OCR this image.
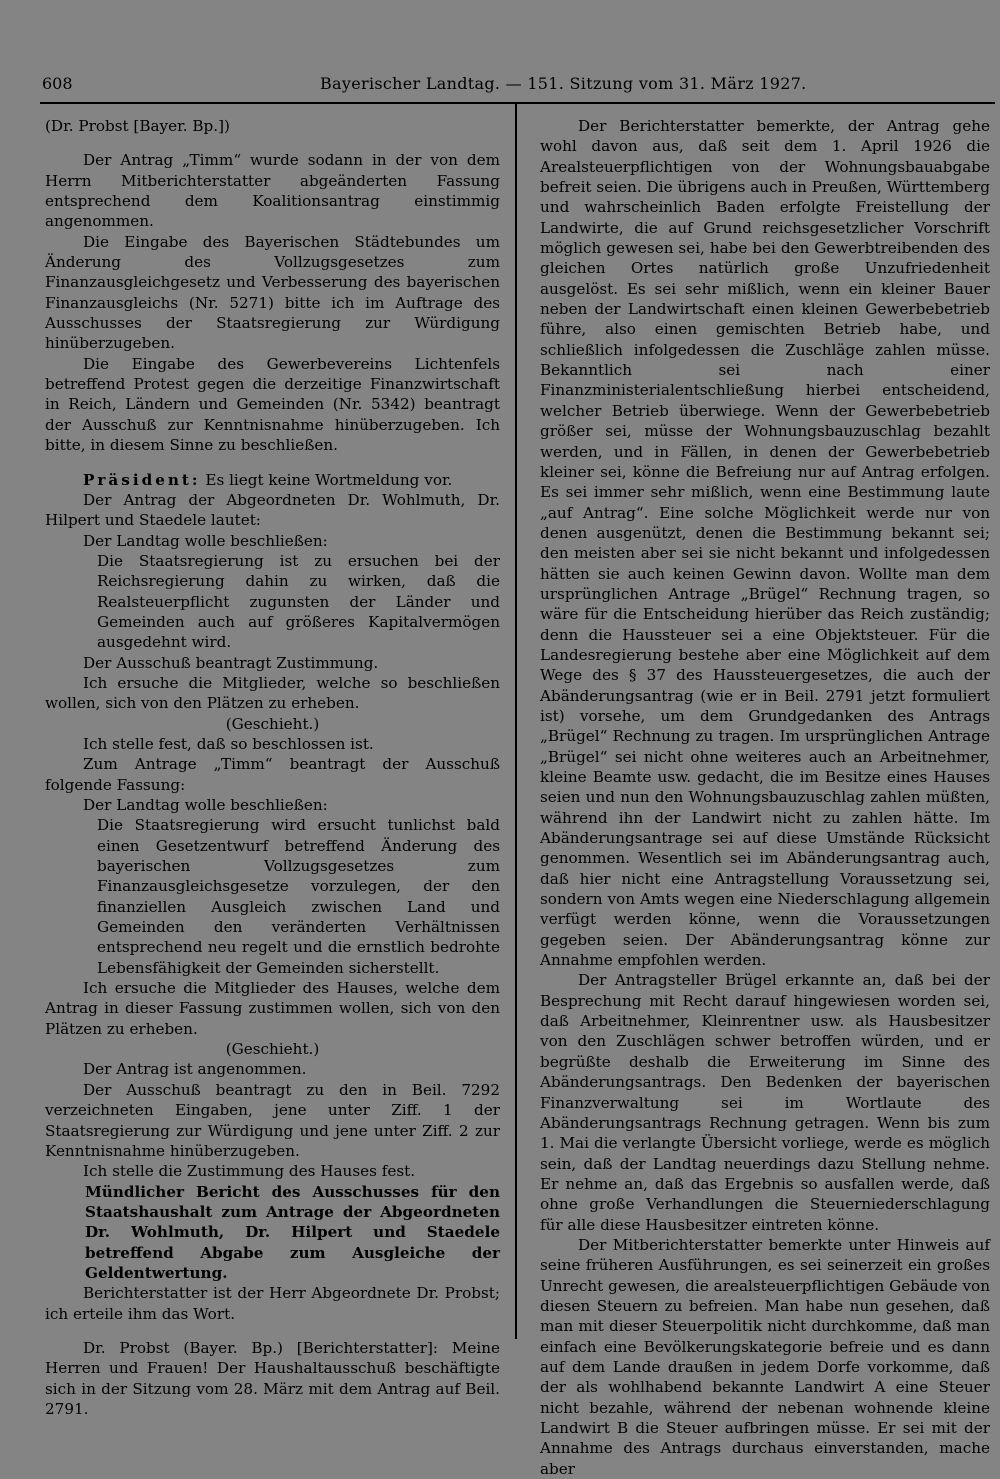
608	Bayerischer Landtag. — 151. Sitzung vom 31. März 1927.

(Dr. Probst [Bayer. Bp.])

Der Antrag „Timm“ wurde sodann in der von dem Herrn Mitberichterstatter abgeänderten Fassung entsprechend dem Koalitionsantrag einstimmig angenommen.

Die Eingabe des Bayerischen Städtebundes um Änderung des Vollzugsgesetzes zum Finanzausgleichgesetz und Verbesserung des bayerischen Finanzausgleichs (Nr. 5271) bitte ich im Auftrage des Ausschusses der Staatsregierung zur Würdigung hinüberzugeben.

Die Eingabe des Gewerbevereins Lichtenfels betreffend Protest gegen die derzeitige Finanzwirtschaft in Reich, Ländern und Gemeinden (Nr. 5342) beantragt der Ausschuß zur Kenntnisnahme hinüberzugeben. Ich bitte, in diesem Sinne zu beschließen.

Präsident: Es liegt keine Wortmeldung vor.

Der Antrag der Abgeordneten Dr. Wohlmuth, Dr. Hilpert und Staedele lautet:

Der Landtag wolle beschließen:

Die Staatsregierung ist zu ersuchen bei der Reichsregierung dahin zu wirken, daß die Realsteuerpflicht zugunsten der Länder und Gemeinden auch auf größeres Kapitalvermögen ausgedehnt wird.

Der Ausschuß beantragt Zustimmung.

Ich ersuche die Mitglieder, welche so beschließen wollen, sich von den Plätzen zu erheben.

(Geschieht.)

Ich stelle fest, daß so beschlossen ist.

Zum Antrage „Timm“ beantragt der Ausschuß folgende Fassung:

Der Landtag wolle beschließen:

Die Staatsregierung wird ersucht tunlichst bald einen Gesetzentwurf betreffend Änderung des bayerischen Vollzugsgesetzes zum Finanzausgleichsgesetze vorzulegen, der den finanziellen Ausgleich zwischen Land und Gemeinden den veränderten Verhältnissen entsprechend neu regelt und die ernstlich bedrohte Lebensfähigkeit der Gemeinden sicherstellt.

Ich ersuche die Mitglieder des Hauses, welche dem Antrag in dieser Fassung zustimmen wollen, sich von den Plätzen zu erheben.

(Geschieht.)

Der Antrag ist angenommen.

Der Ausschuß beantragt zu den in Beil. 7292 verzeichneten Eingaben, jene unter Ziff. 1 der Staatsregierung zur Würdigung und jene unter Ziff. 2 zur Kenntnisnahme hinüberzugeben.

Ich stelle die Zustimmung des Hauses fest.

Mündlicher Bericht des Ausschusses für den Staatshaushalt zum Antrage der Abgeordneten Dr. Wohlmuth, Dr. Hilpert und Staedele betreffend Abgabe zum Ausgleiche der Geldentwertung.

Berichterstatter ist der Herr Abgeordnete Dr. Probst; ich erteile ihm das Wort.

Dr. Probst (Bayer. Bp.) [Berichterstatter]: Meine Herren und Frauen! Der Haushaltausschuß beschäftigte sich in der Sitzung vom 28. März mit dem Antrag auf Beil. 2791.

Der Berichterstatter bemerkte, der Antrag gehe wohl davon aus, daß seit dem 1. April 1926 die Arealsteuerpflichtigen von der Wohnungsbauabgabe befreit seien. Die übrigens auch in Preußen, Württemberg und wahrscheinlich Baden erfolgte Freistellung der Landwirte, die auf Grund reichsgesetzlicher Vorschrift möglich gewesen sei, habe bei den Gewerbtreibenden des gleichen Ortes natürlich große Unzufriedenheit ausgelöst. Es sei sehr mißlich, wenn ein kleiner Bauer neben der Landwirtschaft einen kleinen Gewerbebetrieb führe, also einen gemischten Betrieb habe, und schließlich infolgedessen die Zuschläge zahlen müsse. Bekanntlich sei nach einer Finanzministerialentschließung hierbei entscheidend, welcher Betrieb überwiege. Wenn der Gewerbebetrieb größer sei, müsse der Wohnungsbauzuschlag bezahlt werden, und in Fällen, in denen der Gewerbebetrieb kleiner sei, könne die Befreiung nur auf Antrag erfolgen. Es sei immer sehr mißlich, wenn eine Bestimmung laute „auf Antrag“. Eine solche Möglichkeit werde nur von denen ausgenützt, denen die Bestimmung bekannt sei; den meisten aber sei sie nicht bekannt und infolgedessen hätten sie auch keinen Gewinn davon. Wollte man dem ursprünglichen Antrage „Brügel“ Rechnung tragen, so wäre für die Entscheidung hierüber das Reich zuständig; denn die Haussteuer sei a eine Objektsteuer. Für die Landesregierung bestehe aber eine Möglichkeit auf dem Wege des § 37 des Haussteuergesetzes, die auch der Abänderungsantrag (wie er in Beil. 2791 jetzt formuliert ist) vorsehe, um dem Grundgedanken des Antrags „Brügel“ Rechnung zu tragen. Im ursprünglichen Antrage „Brügel“ sei nicht ohne weiteres auch an Arbeitnehmer, kleine Beamte usw. gedacht, die im Besitze eines Hauses seien und nun den Wohnungsbauzuschlag zahlen müßten, während ihn der Landwirt nicht zu zahlen hätte. Im Abänderungsantrage sei auf diese Umstände Rücksicht genommen. Wesentlich sei im Abänderungsantrag auch, daß hier nicht eine Antragstellung Voraussetzung sei, sondern von Amts wegen eine Niederschlagung allgemein verfügt werden könne, wenn die Voraussetzungen gegeben seien. Der Abänderungsantrag könne zur Annahme empfohlen werden.

Der Antragsteller Brügel erkannte an, daß bei der Besprechung mit Recht darauf hingewiesen worden sei, daß Arbeitnehmer, Kleinrentner usw. als Hausbesitzer von den Zuschlägen schwer betroffen würden, und er begrüßte deshalb die Erweiterung im Sinne des Abänderungsantrags. Den Bedenken der bayerischen Finanzverwaltung sei im Wortlaute des Abänderungsantrags Rechnung getragen. Wenn bis zum 1. Mai die verlangte Übersicht vorliege, werde es möglich sein, daß der Landtag neuerdings dazu Stellung nehme. Er nehme an, daß das Ergebnis so ausfallen werde, daß ohne große Verhandlungen die Steuerniederschlagung für alle diese Hausbesitzer eintreten könne.

Der Mitberichterstatter bemerkte unter Hinweis auf seine früheren Ausführungen, es sei seinerzeit ein großes Unrecht gewesen, die arealsteuerpflichtigen Gebäude von diesen Steuern zu befreien. Man habe nun gesehen, daß man mit dieser Steuerpolitik nicht durchkomme, daß man einfach eine Bevölkerungskategorie befreie und es dann auf dem Lande draußen in jedem Dorfe vorkomme, daß der als wohlhabend bekannte Landwirt A eine Steuer nicht bezahle, während der nebenan wohnende kleine Landwirt B die Steuer aufbringen müsse. Er sei mit der Annahme des Antrags durchaus einverstanden, mache aber
